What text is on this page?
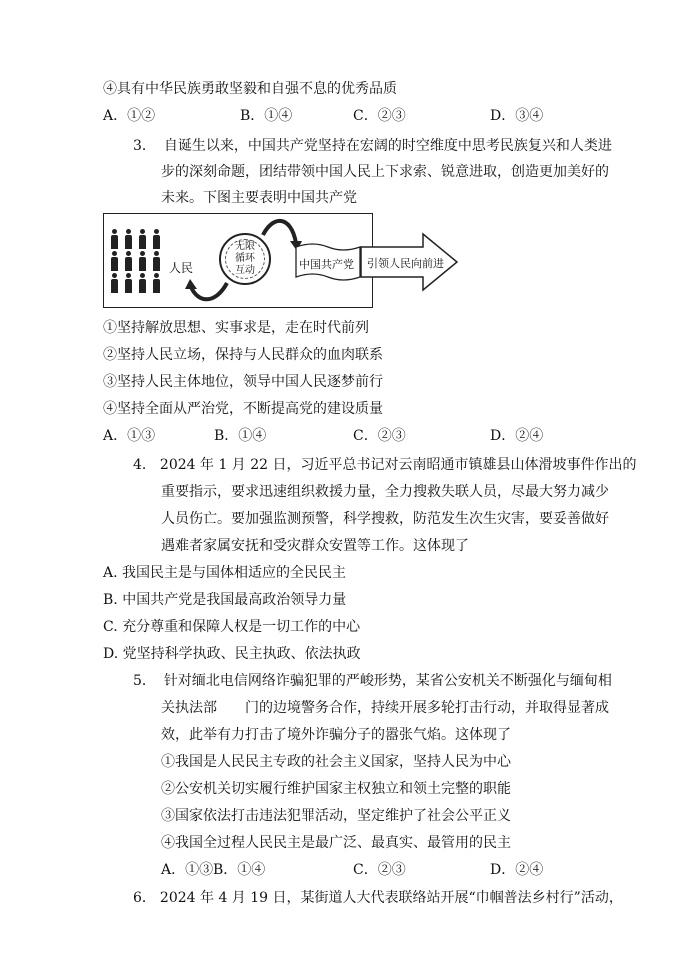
④具有中华民族勇敢坚毅和自强不息的优秀品质
A．①②	B．①④	C．②③	D．③④
3． 自诞生以来，中国共产党坚持在宏阔的时空维度中思考民族复兴和人类进
步的深刻命题，团结带领中国人民上下求索、锐意进取，创造更加美好的
未来。下图主要表明中国共产党
人民
无限
循环
互动	中国共产党 引领人民向前进
①坚持解放思想、实事求是，走在时代前列
②坚持人民立场，保持与人民群众的血肉联系
③坚持人民主体地位，领导中国人民逐梦前行
④坚持全面从严治党，不断提高党的建设质量
A．①③	B．①④	C．②③	D．②④
4． 2024 年 1 月 22 日，习近平总书记对云南昭通市镇雄县山体滑坡事件作出的
重要指示，要求迅速组织救援力量，全力搜救失联人员，尽最大努力减少
人员伤亡。要加强监测预警，科学搜救，防范发生次生灾害，要妥善做好
遇难者家属安抚和受灾群众安置等工作。这体现了
A. 我国民主是与国体相适应的全民民主
B. 中国共产党是我国最高政治领导力量
C. 充分尊重和保障人权是一切工作的中心
D. 党坚持科学执政、民主执政、依法执政
5． 针对缅北电信网络诈骗犯罪的严峻形势，某省公安机关不断强化与缅甸相
关执法部　　门的边境警务合作，持续开展多轮打击行动，并取得显著成
效，此举有力打击了境外诈骗分子的嚣张气焰。这体现了
①我国是人民民主专政的社会主义国家，坚持人民为中心
②公安机关切实履行维护国家主权独立和领土完整的职能
③国家依法打击违法犯罪活动，坚定维护了社会公平正义
④我国全过程人民民主是最广泛、最真实、最管用的民主
A．①③ B．①④	C．②③	D．②④
6． 2024 年 4 月 19 日，某街道人大代表联络站开展“巾帼普法乡村行”活动，
